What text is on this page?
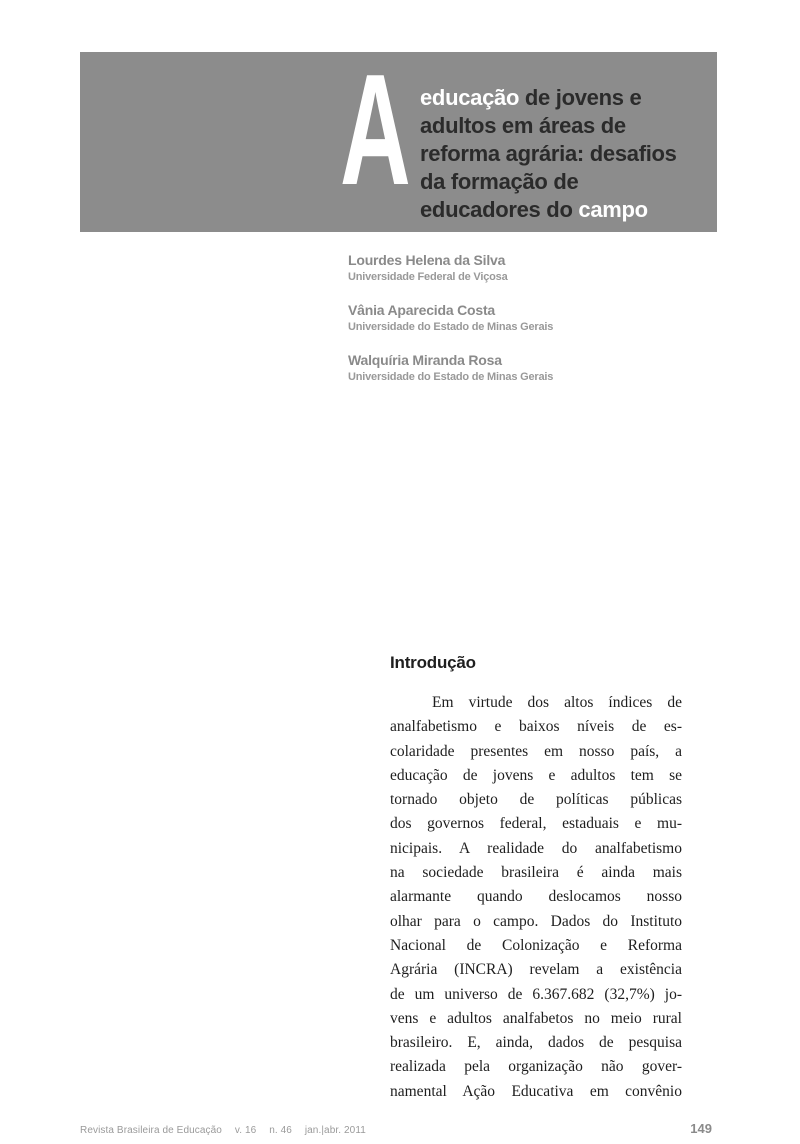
A educação de jovens e
adultos em áreas de
reforma agrária: desafios
da formação de
educadores do campo
Lourdes Helena da Silva
Universidade Federal de Viçosa
Vânia Aparecida Costa
Universidade do Estado de Minas Gerais
Walquíria Miranda Rosa
Universidade do Estado de Minas Gerais
Introdução

Em virtude dos altos índices de
analfabetismo e baixos níveis de es-
colaridade presentes em nosso país, a
educação de jovens e adultos tem se
tornado objeto de políticas públicas
dos governos federal, estaduais e mu-
nicipais. A realidade do analfabetismo
na sociedade brasileira é ainda mais
alarmante quando deslocamos nosso
olhar para o campo. Dados do Instituto
Nacional de Colonização e Reforma
Agrária (INCRA) revelam a existência
de um universo de 6.367.682 (32,7%) jo-
vens e adultos analfabetos no meio rural
brasileiro. E, ainda, dados de pesquisa
realizada pela organização não gover-
namental Ação Educativa em convênio

Revista Brasileira de Educação v. 16 n. 46 jan.|abr. 2011	149
